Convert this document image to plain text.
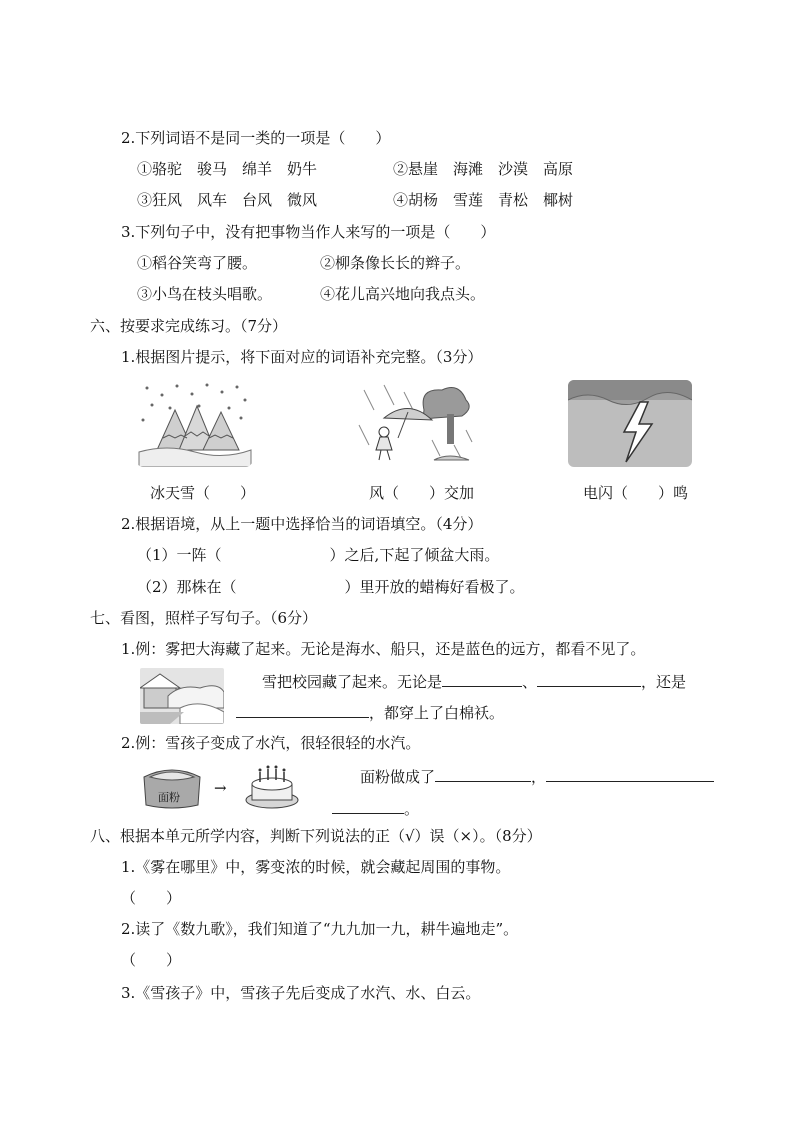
2.下列词语不是同一类的一项是（　　）
①骆驼　骏马　绵羊　奶牛	②悬崖　海滩　沙漠　高原
③狂风　风车　台风　微风	④胡杨　雪莲　青松　椰树
3.下列句子中，没有把事物当作人来写的一项是（　　）
①稻谷笑弯了腰。	②柳条像长长的辫子。
③小鸟在枝头唱歌。	④花儿高兴地向我点头。
六、按要求完成练习。（7分）
1.根据图片提示，将下面对应的词语补充完整。（3分）
冰天雪（　　）	风（　　）交加	电闪（　　）鸣
2.根据语境，从上一题中选择恰当的词语填空。（4分）
（1）一阵（	）之后,下起了倾盆大雨。
（2）那株在（	）里开放的蜡梅好看极了。
七、看图，照样子写句子。（6分）
1.例：雾把大海藏了起来。无论是海水、船只，还是蓝色的远方，都看不见了。
雪把校园藏了起来。无论是	、	，还是
，都穿上了白棉袄。
2.例：雪孩子变成了水汽，很轻很轻的水汽。
面粉
→
面粉做成了	，
。
八、根据本单元所学内容，判断下列说法的正（√）误（×）。（8分）
1.《雾在哪里》中，雾变浓的时候，就会藏起周围的事物。
（　　）
2.读了《数九歌》，我们知道了“九九加一九，耕牛遍地走”。
（　　）
3.《雪孩子》中，雪孩子先后变成了水汽、水、白云。
